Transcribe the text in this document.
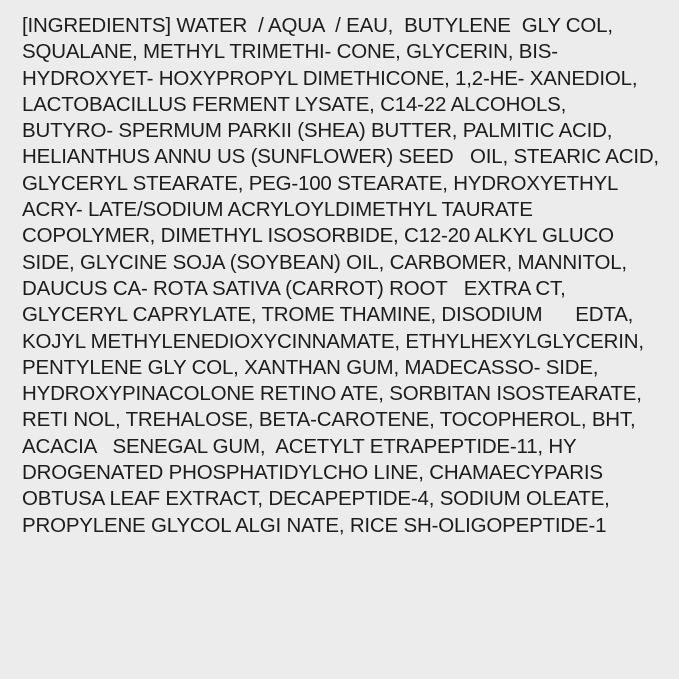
[INGREDIENTS] WATER  / AQUA  / EAU,  BUTYLENE  GLY COL,
SQUALANE, METHYL TRIMETHI- CONE, GLYCERIN, BIS-
HYDROXYET- HOXYPROPYL DIMETHICONE, 1,2-HE- XANEDIOL,
LACTOBACILLUS FERMENT LYSATE, C14-22 ALCOHOLS,
BUTYRO- SPERMUM PARKII (SHEA) BUTTER, PALMITIC ACID,
HELIANTHUS ANNU US (SUNFLOWER) SEED   OIL, STEARIC ACID,
GLYCERYL STEARATE, PEG-100 STEARATE, HYDROXYETHYL
ACRY- LATE/SODIUM ACRYLOYLDIMETHYL TAURATE
COPOLYMER, DIMETHYL ISOSORBIDE, C12-20 ALKYL GLUCO
SIDE, GLYCINE SOJA (SOYBEAN) OIL, CARBOMER, MANNITOL,
DAUCUS CA- ROTA SATIVA (CARROT) ROOT   EXTRA CT,
GLYCERYL CAPRYLATE, TROME THAMINE, DISODIUM      EDTA,
KOJYL METHYLENEDIOXYCINNAMATE, ETHYLHEXYLGLYCERIN,
PENTYLENE GLY COL, XANTHAN GUM, MADECASSO- SIDE,
HYDROXYPINACOLONE RETINO ATE, SORBITAN ISOSTEARATE,
RETI NOL, TREHALOSE, BETA-CAROTENE, TOCOPHEROL, BHT,
ACACIA   SENEGAL GUM,  ACETYLT ETRAPEPTIDE-11, HY
DROGENATED PHOSPHATIDYLCHO LINE, CHAMAECYPARIS
OBTUSA LEAF EXTRACT, DECAPEPTIDE-4, SODIUM OLEATE,
PROPYLENE GLYCOL ALGI NATE, RICE SH-OLIGOPEPTIDE-1
